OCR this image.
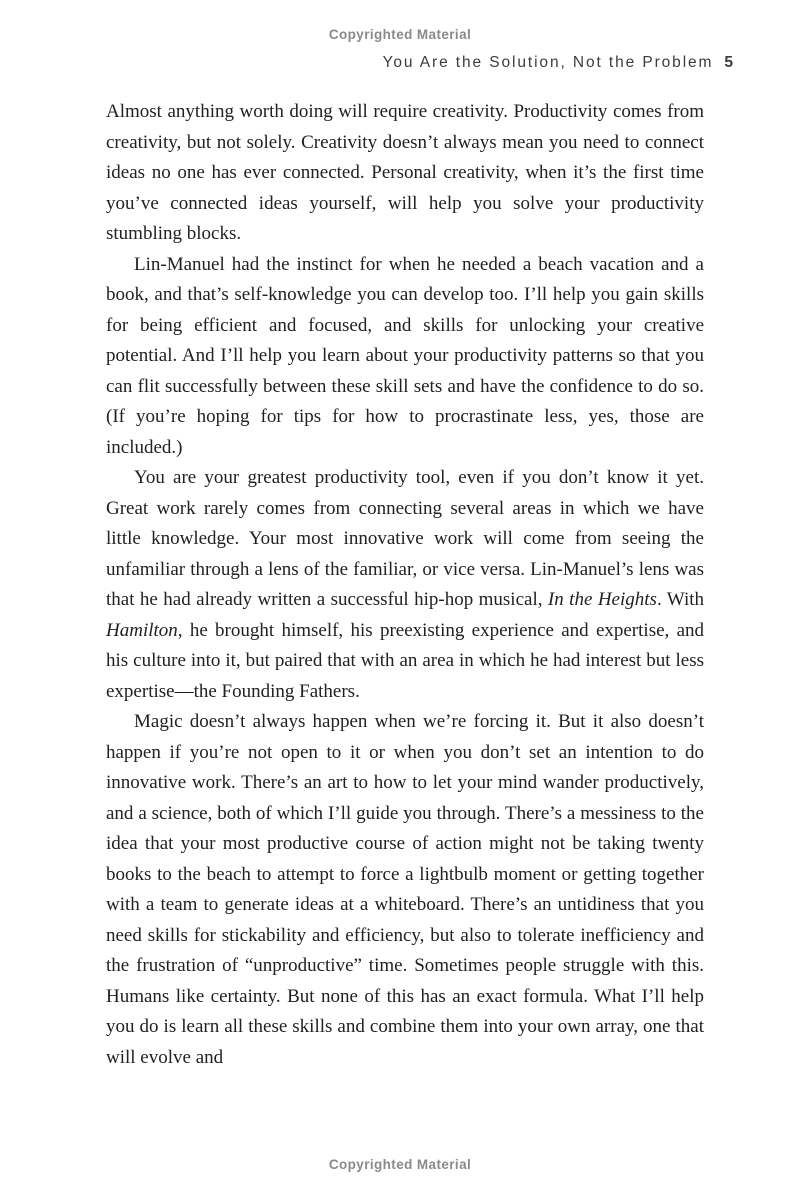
Copyrighted Material
You Are the Solution, Not the Problem 5

Almost anything worth doing will require creativity. Productivity comes from creativity, but not solely. Creativity doesn’t always mean you need to connect ideas no one has ever connected. Personal creativity, when it’s the first time you’ve connected ideas yourself, will help you solve your productivity stumbling blocks.

Lin-Manuel had the instinct for when he needed a beach vacation and a book, and that’s self-knowledge you can develop too. I’ll help you gain skills for being efficient and focused, and skills for unlocking your creative potential. And I’ll help you learn about your productivity patterns so that you can flit successfully between these skill sets and have the confidence to do so. (If you’re hoping for tips for how to procrastinate less, yes, those are included.)

You are your greatest productivity tool, even if you don’t know it yet. Great work rarely comes from connecting several areas in which we have little knowledge. Your most innovative work will come from seeing the unfamiliar through a lens of the familiar, or vice versa. Lin-Manuel’s lens was that he had already written a successful hip-hop musical, In the Heights. With Hamilton, he brought himself, his preexisting experience and expertise, and his culture into it, but paired that with an area in which he had interest but less expertise—the Founding Fathers.

Magic doesn’t always happen when we’re forcing it. But it also doesn’t happen if you’re not open to it or when you don’t set an intention to do innovative work. There’s an art to how to let your mind wander productively, and a science, both of which I’ll guide you through. There’s a messiness to the idea that your most productive course of action might not be taking twenty books to the beach to attempt to force a lightbulb moment or getting together with a team to generate ideas at a whiteboard. There’s an untidiness that you need skills for stickability and efficiency, but also to tolerate inefficiency and the frustration of “unproductive” time. Sometimes people struggle with this. Humans like certainty. But none of this has an exact formula. What I’ll help you do is learn all these skills and combine them into your own array, one that will evolve and

Copyrighted Material
